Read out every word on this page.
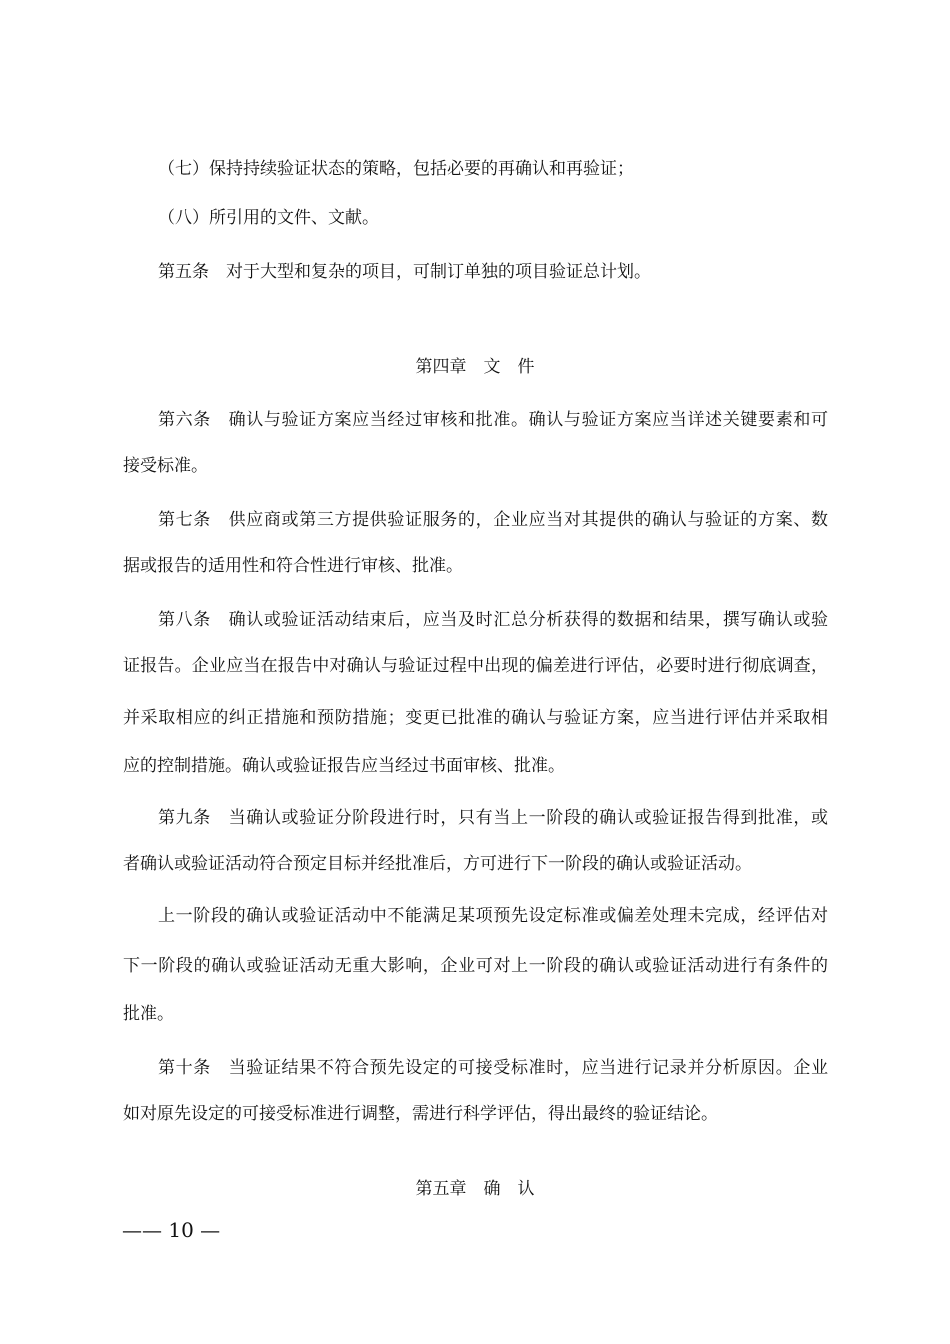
（七）保持持续验证状态的策略，包括必要的再确认和再验证；
（八）所引用的文件、文献。
第五条　对于大型和复杂的项目，可制订单独的项目验证总计划。
第四章　文　件
第六条　确认与验证方案应当经过审核和批准。确认与验证方案应当详述关键要素和可
接受标准。
第七条　供应商或第三方提供验证服务的，企业应当对其提供的确认与验证的方案、数
据或报告的适用性和符合性进行审核、批准。
第八条　确认或验证活动结束后，应当及时汇总分析获得的数据和结果，撰写确认或验
证报告。企业应当在报告中对确认与验证过程中出现的偏差进行评估，必要时进行彻底调查，
并采取相应的纠正措施和预防措施；变更已批准的确认与验证方案，应当进行评估并采取相
应的控制措施。确认或验证报告应当经过书面审核、批准。
第九条　当确认或验证分阶段进行时，只有当上一阶段的确认或验证报告得到批准，或
者确认或验证活动符合预定目标并经批准后，方可进行下一阶段的确认或验证活动。
上一阶段的确认或验证活动中不能满足某项预先设定标准或偏差处理未完成，经评估对
下一阶段的确认或验证活动无重大影响，企业可对上一阶段的确认或验证活动进行有条件的
批准。
第十条　当验证结果不符合预先设定的可接受标准时，应当进行记录并分析原因。企业
如对原先设定的可接受标准进行调整，需进行科学评估，得出最终的验证结论。
第五章　确　认
—— 10 —
